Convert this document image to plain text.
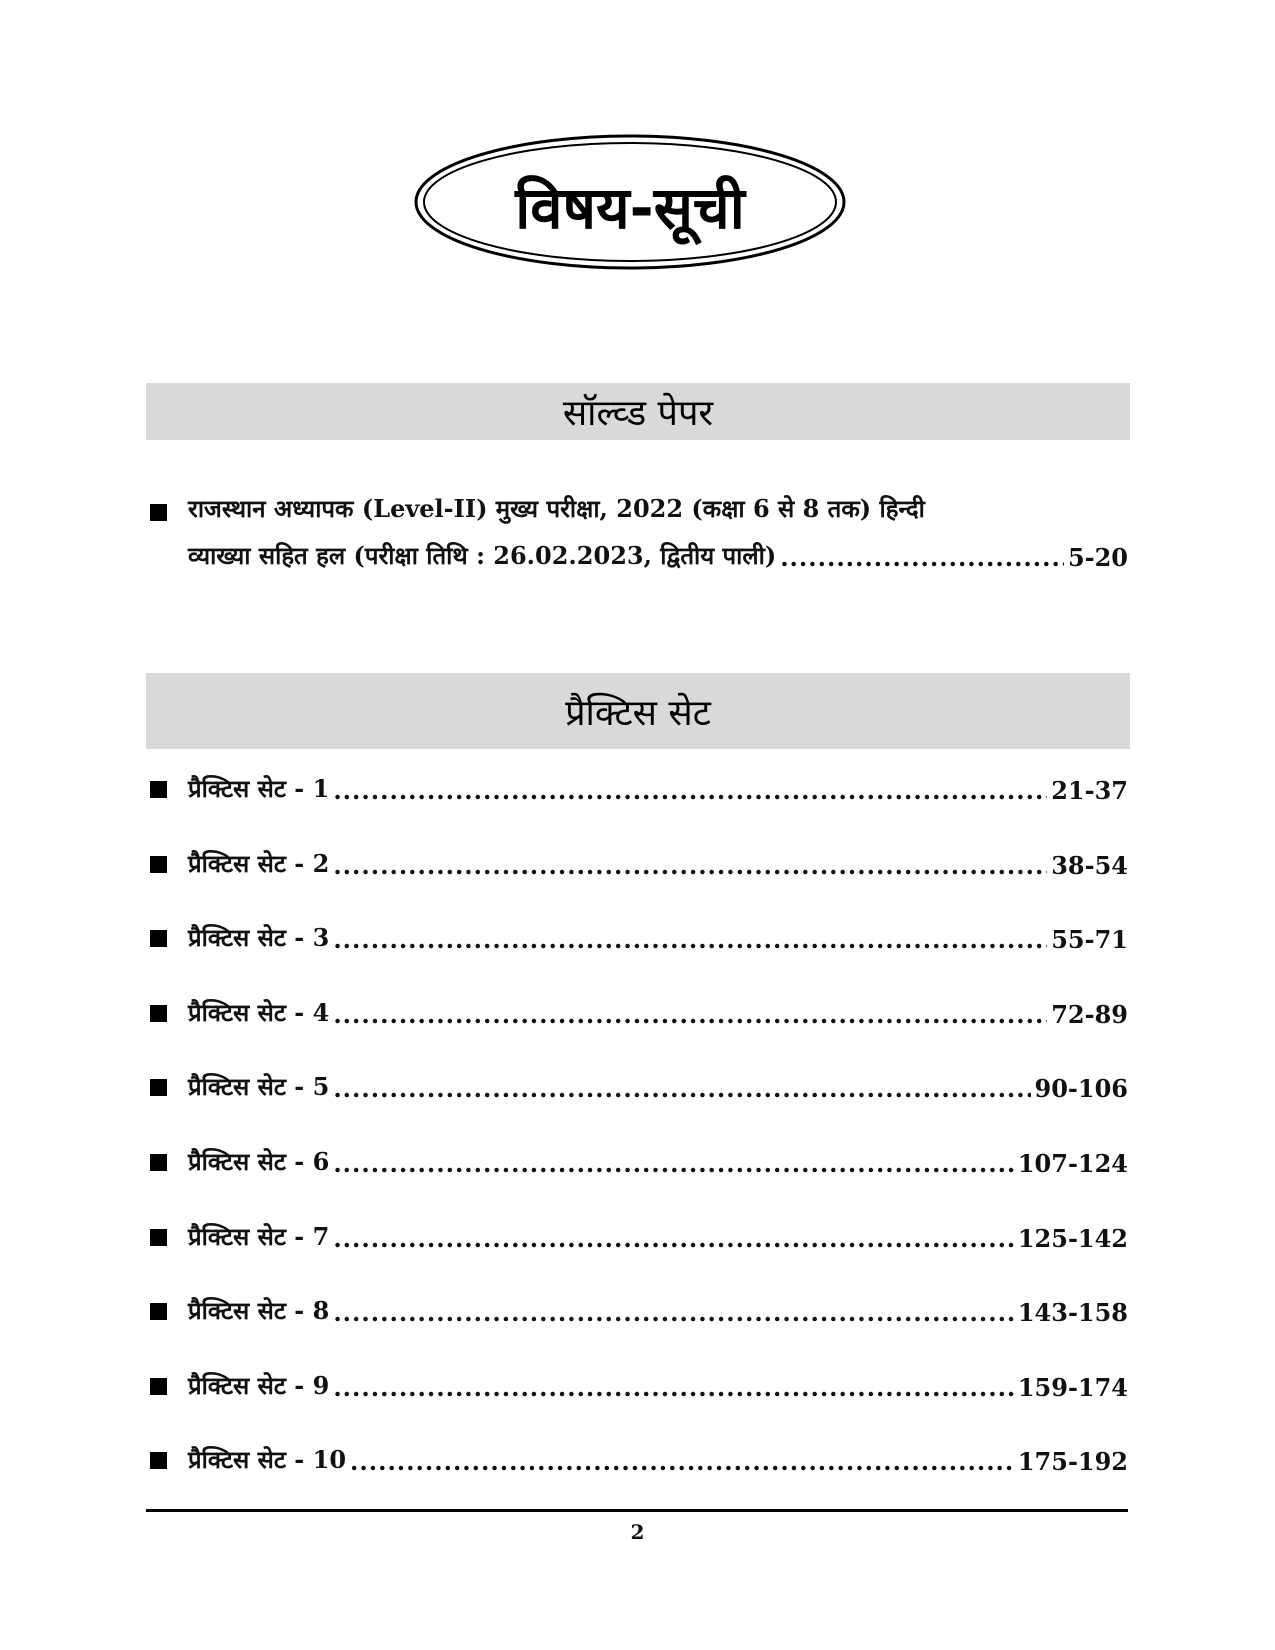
विषय-सूची
सॉल्व्ड पेपर
राजस्थान अध्यापक (Level-II) मुख्य परीक्षा, 2022 (कक्षा 6 से 8 तक) हिन्दी
व्याख्या सहित हल (परीक्षा तिथि : 26.02.2023, द्वितीय पाली) .....	5-20
प्रैक्टिस सेट
प्रैक्टिस सेट - 1 .....	21-37
प्रैक्टिस सेट - 2 .....	38-54
प्रैक्टिस सेट - 3 .....	55-71
प्रैक्टिस सेट - 4 .....	72-89
प्रैक्टिस सेट - 5 .....	90-106
प्रैक्टिस सेट - 6 .....	107-124
प्रैक्टिस सेट - 7 .....	125-142
प्रैक्टिस सेट - 8 .....	143-158
प्रैक्टिस सेट - 9 .....	159-174
प्रैक्टिस सेट - 10 .....	175-192
2
